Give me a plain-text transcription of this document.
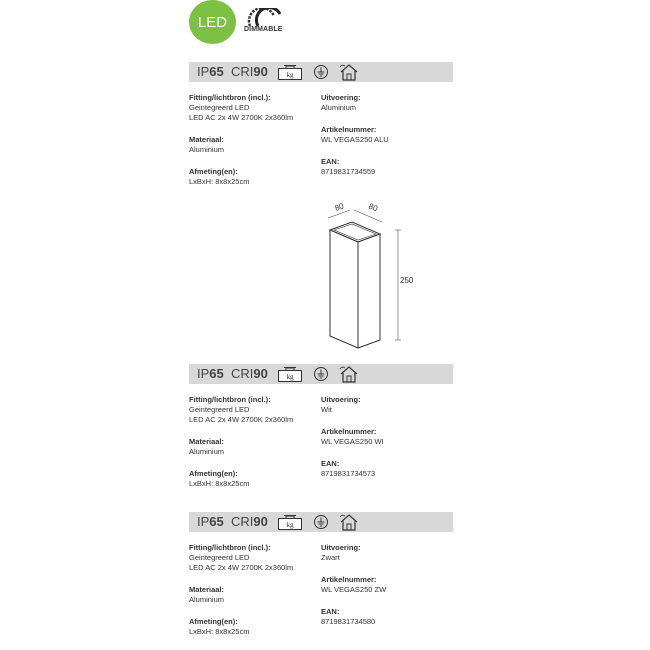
LED DIMMABLE
IP65 CRI90	kg
IP65 CRI90	kg
IP65 CRI90	kg
Fitting/lichtbron (incl.):
Geintegreerd LED
LED AC 2x 4W 2700K 2x360lm
Materiaal:
Aluminium
Afmeting(en):
LxBxH: 8x8x25cm
Uitvoering:
Aluminium
Artikelnummer:
WL VEGAS250 ALU
EAN:
8719831734559
80	80
250
Fitting/lichtbron (incl.):
Geintegreerd LED
LED AC 2x 4W 2700K 2x360lm
Materiaal:
Aluminium
Afmeting(en):
LxBxH: 8x8x25cm
Uitvoering:
Wit
Artikelnummer:
WL VEGAS250 WI
EAN:
8719831734573
Fitting/lichtbron (incl.):
Geintegreerd LED
LED AC 2x 4W 2700K 2x360lm
Materiaal:
Aluminium
Afmeting(en):
LxBxH: 8x8x25cm
Uitvoering:
Zwart
Artikelnummer:
WL VEGAS250 ZW
EAN:
8719831734580
